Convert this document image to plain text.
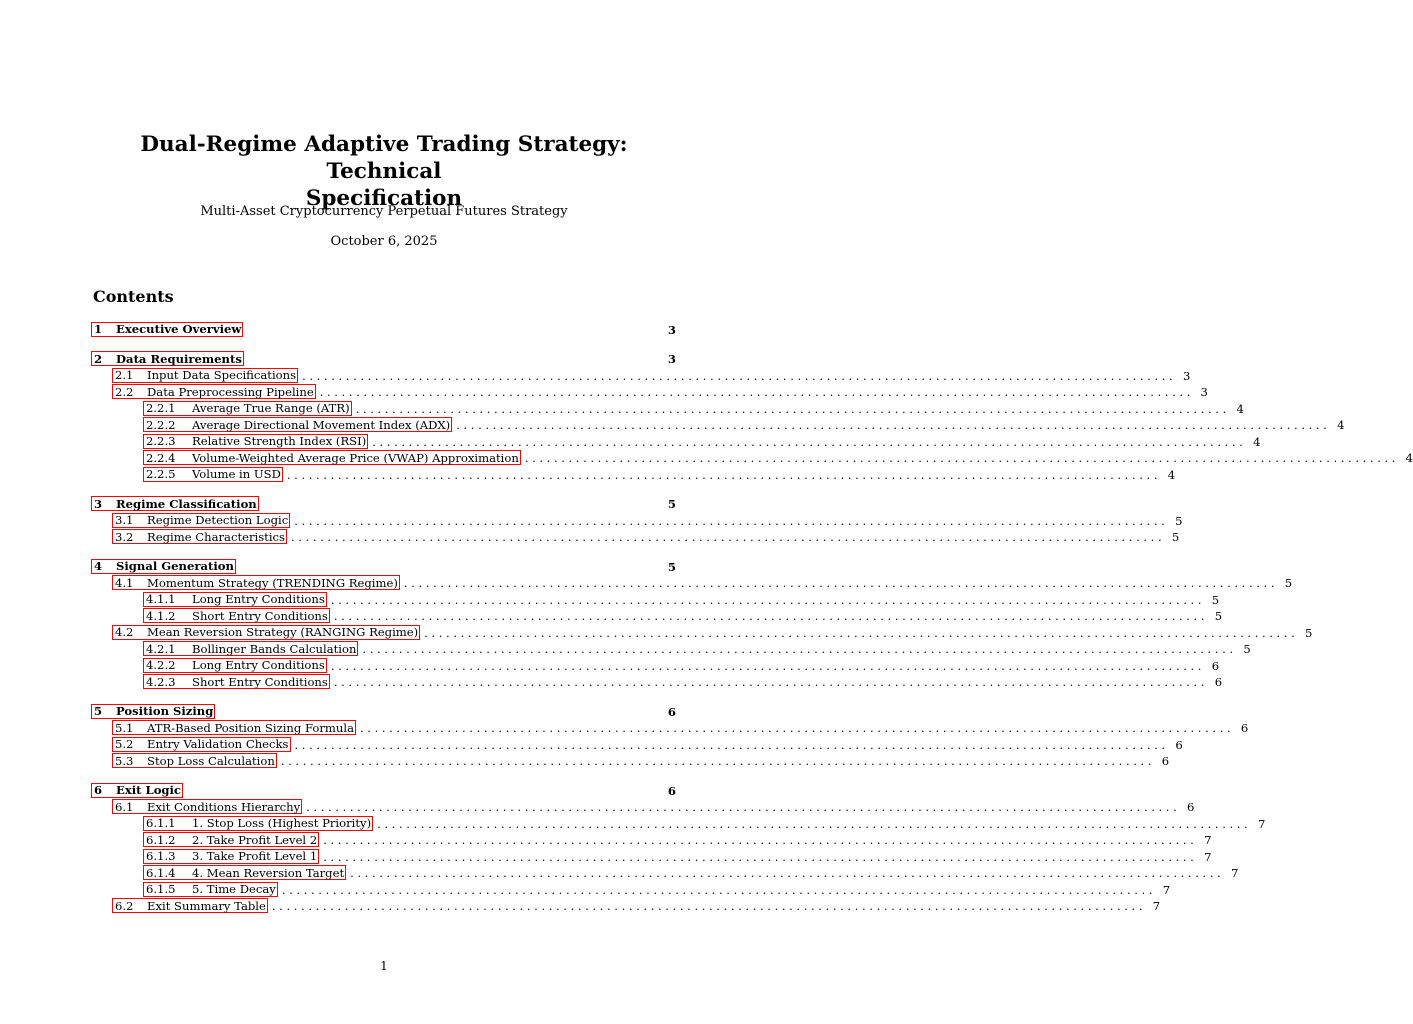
Dual-Regime Adaptive Trading Strategy: Technical
Specification
Multi-Asset Cryptocurrency Perpetual Futures Strategy
October 6, 2025
Contents
1	Executive Overview	3
2	Data Requirements	3
2.1	Input Data Specifications ........................................................................................................................ 3
2.2	Data Preprocessing Pipeline ........................................................................................................................ 3
2.2.1	Average True Range (ATR) ........................................................................................................................ 4
2.2.2	Average Directional Movement Index (ADX) ........................................................................................................................ 4
2.2.3	Relative Strength Index (RSI) ........................................................................................................................ 4
2.2.4	Volume-Weighted Average Price (VWAP) Approximation ........................................................................................................................ 4
2.2.5	Volume in USD ........................................................................................................................ 4
3	Regime Classification	5
3.1	Regime Detection Logic ........................................................................................................................ 5
3.2	Regime Characteristics ........................................................................................................................ 5
4	Signal Generation	5
4.1	Momentum Strategy (TRENDING Regime) ........................................................................................................................ 5
4.1.1	Long Entry Conditions ........................................................................................................................ 5
4.1.2	Short Entry Conditions ........................................................................................................................ 5
4.2	Mean Reversion Strategy (RANGING Regime) ........................................................................................................................ 5
4.2.1	Bollinger Bands Calculation ........................................................................................................................ 5
4.2.2	Long Entry Conditions ........................................................................................................................ 6
4.2.3	Short Entry Conditions ........................................................................................................................ 6
5	Position Sizing	6
5.1	ATR-Based Position Sizing Formula ........................................................................................................................ 6
5.2	Entry Validation Checks ........................................................................................................................ 6
5.3	Stop Loss Calculation ........................................................................................................................ 6
6	Exit Logic	6
6.1	Exit Conditions Hierarchy ........................................................................................................................ 6
6.1.1	1. Stop Loss (Highest Priority) ........................................................................................................................ 7
6.1.2	2. Take Profit Level 2 ........................................................................................................................ 7
6.1.3	3. Take Profit Level 1 ........................................................................................................................ 7
6.1.4	4. Mean Reversion Target ........................................................................................................................ 7
6.1.5	5. Time Decay ........................................................................................................................ 7
6.2	Exit Summary Table ........................................................................................................................ 7
1
